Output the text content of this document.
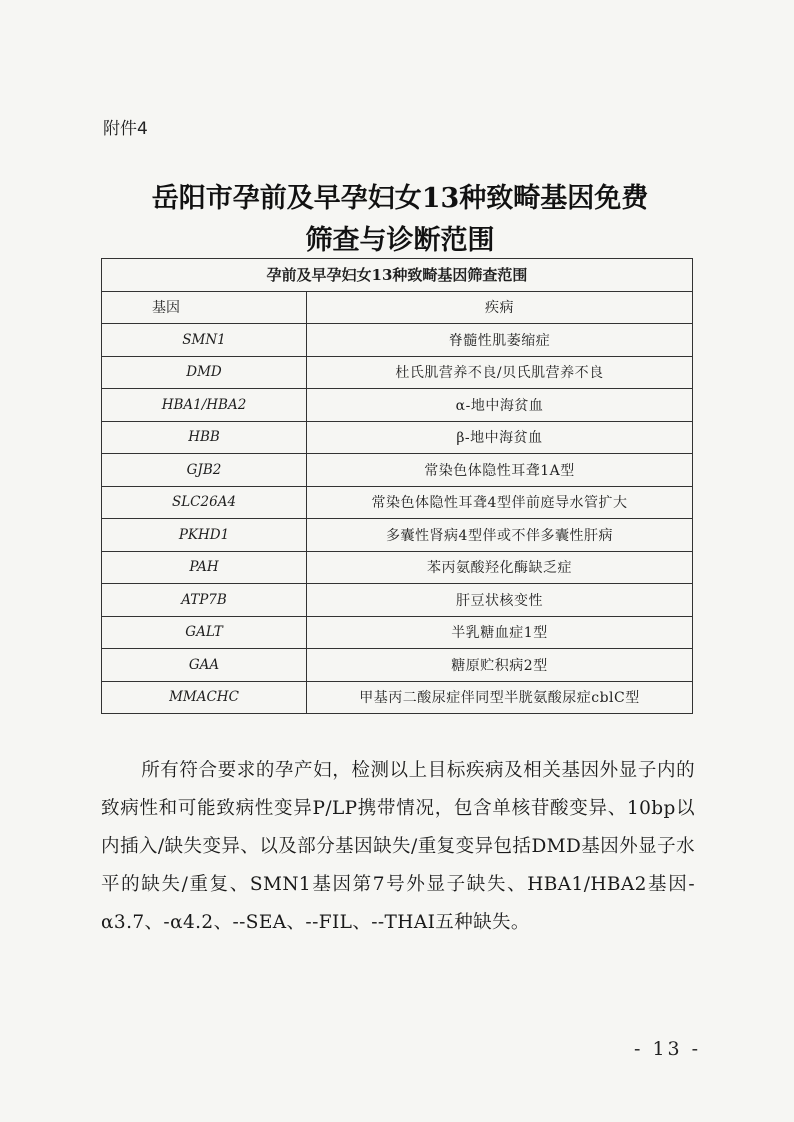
附件4
岳阳市孕前及早孕妇女13种致畸基因免费
筛查与诊断范围
孕前及早孕妇女13种致畸基因筛查范围	
基因	疾病
SMN1	脊髓性肌萎缩症
DMD	杜氏肌营养不良/贝氏肌营养不良
HBA1/HBA2	α-地中海贫血
HBB	β-地中海贫血
GJB2	常染色体隐性耳聋1A型
SLC26A4	常染色体隐性耳聋4型伴前庭导水管扩大
PKHD1	多囊性肾病4型伴或不伴多囊性肝病
PAH	苯丙氨酸羟化酶缺乏症
ATP7B	肝豆状核变性
GALT	半乳糖血症1型
GAA	糖原贮积病2型
MMACHC	甲基丙二酸尿症伴同型半胱氨酸尿症cblC型
所有符合要求的孕产妇，检测以上目标疾病及相关基因外显子内的致病性和可能致病性变异P/LP携带情况，包含单核苷酸变异、10bp以内插入/缺失变异、以及部分基因缺失/重复变异包括DMD基因外显子水平的缺失/重复、SMN1基因第7号外显子缺失、HBA1/HBA2基因-α3.7、-α4.2、--SEA、--FIL、--THAI五种缺失。
- 13 -
